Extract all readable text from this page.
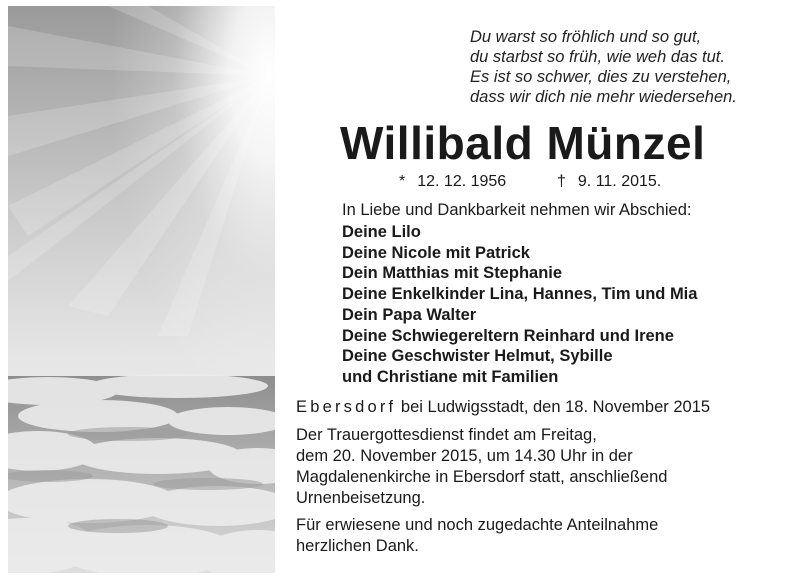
Du warst so fröhlich und so gut,
du starbst so früh, wie weh das tut.
Es ist so schwer, dies zu verstehen,
dass wir dich nie mehr wiedersehen.
Willibald Münzel
* 12. 12. 1956	† 9. 11. 2015.
In Liebe und Dankbarkeit nehmen wir Abschied:
Deine Lilo
Deine Nicole mit Patrick
Dein Matthias mit Stephanie
Deine Enkelkinder Lina, Hannes, Tim und Mia
Dein Papa Walter
Deine Schwiegereltern Reinhard und Irene
Deine Geschwister Helmut, Sybille
und Christiane mit Familien
Ebersdorf bei Ludwigsstadt, den 18. November 2015
Der Trauergottesdienst findet am Freitag,
dem 20. November 2015, um 14.30 Uhr in der
Magdalenenkirche in Ebersdorf statt, anschließend
Urnenbeisetzung.
Für erwiesene und noch zugedachte Anteilnahme
herzlichen Dank.
